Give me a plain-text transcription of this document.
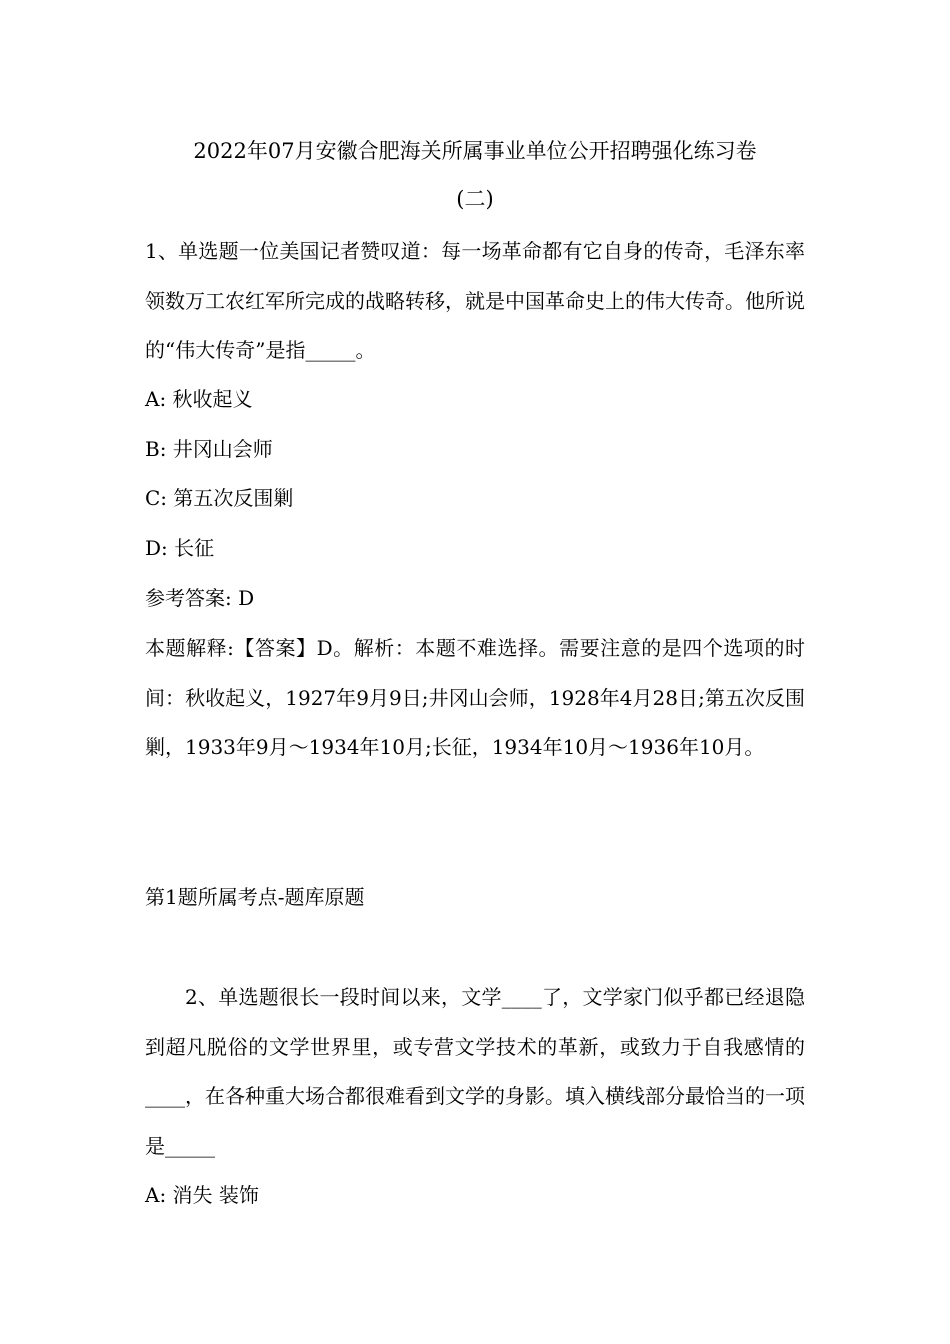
2022年07月安徽合肥海关所属事业单位公开招聘强化练习卷
(二)

1、单选题一位美国记者赞叹道：每一场革命都有它自身的传奇，毛泽东率领数万工农红军所完成的战略转移，就是中国革命史上的伟大传奇。他所说的“伟大传奇”是指_____。

A: 秋收起义

B: 井冈山会师

C: 第五次反围剿

D: 长征

参考答案: D

本题解释:【答案】D。解析：本题不难选择。需要注意的是四个选项的时间：秋收起义，1927年9月9日;井冈山会师，1928年4月28日;第五次反围剿，1933年9月～1934年10月;长征，1934年10月～1936年10月。

第1题所属考点-题库原题

2、单选题很长一段时间以来，文学____了，文学家门似乎都已经退隐到超凡脱俗的文学世界里，或专营文学技术的革新，或致力于自我感情的____，在各种重大场合都很难看到文学的身影。填入横线部分最恰当的一项是_____

A: 消失 装饰
